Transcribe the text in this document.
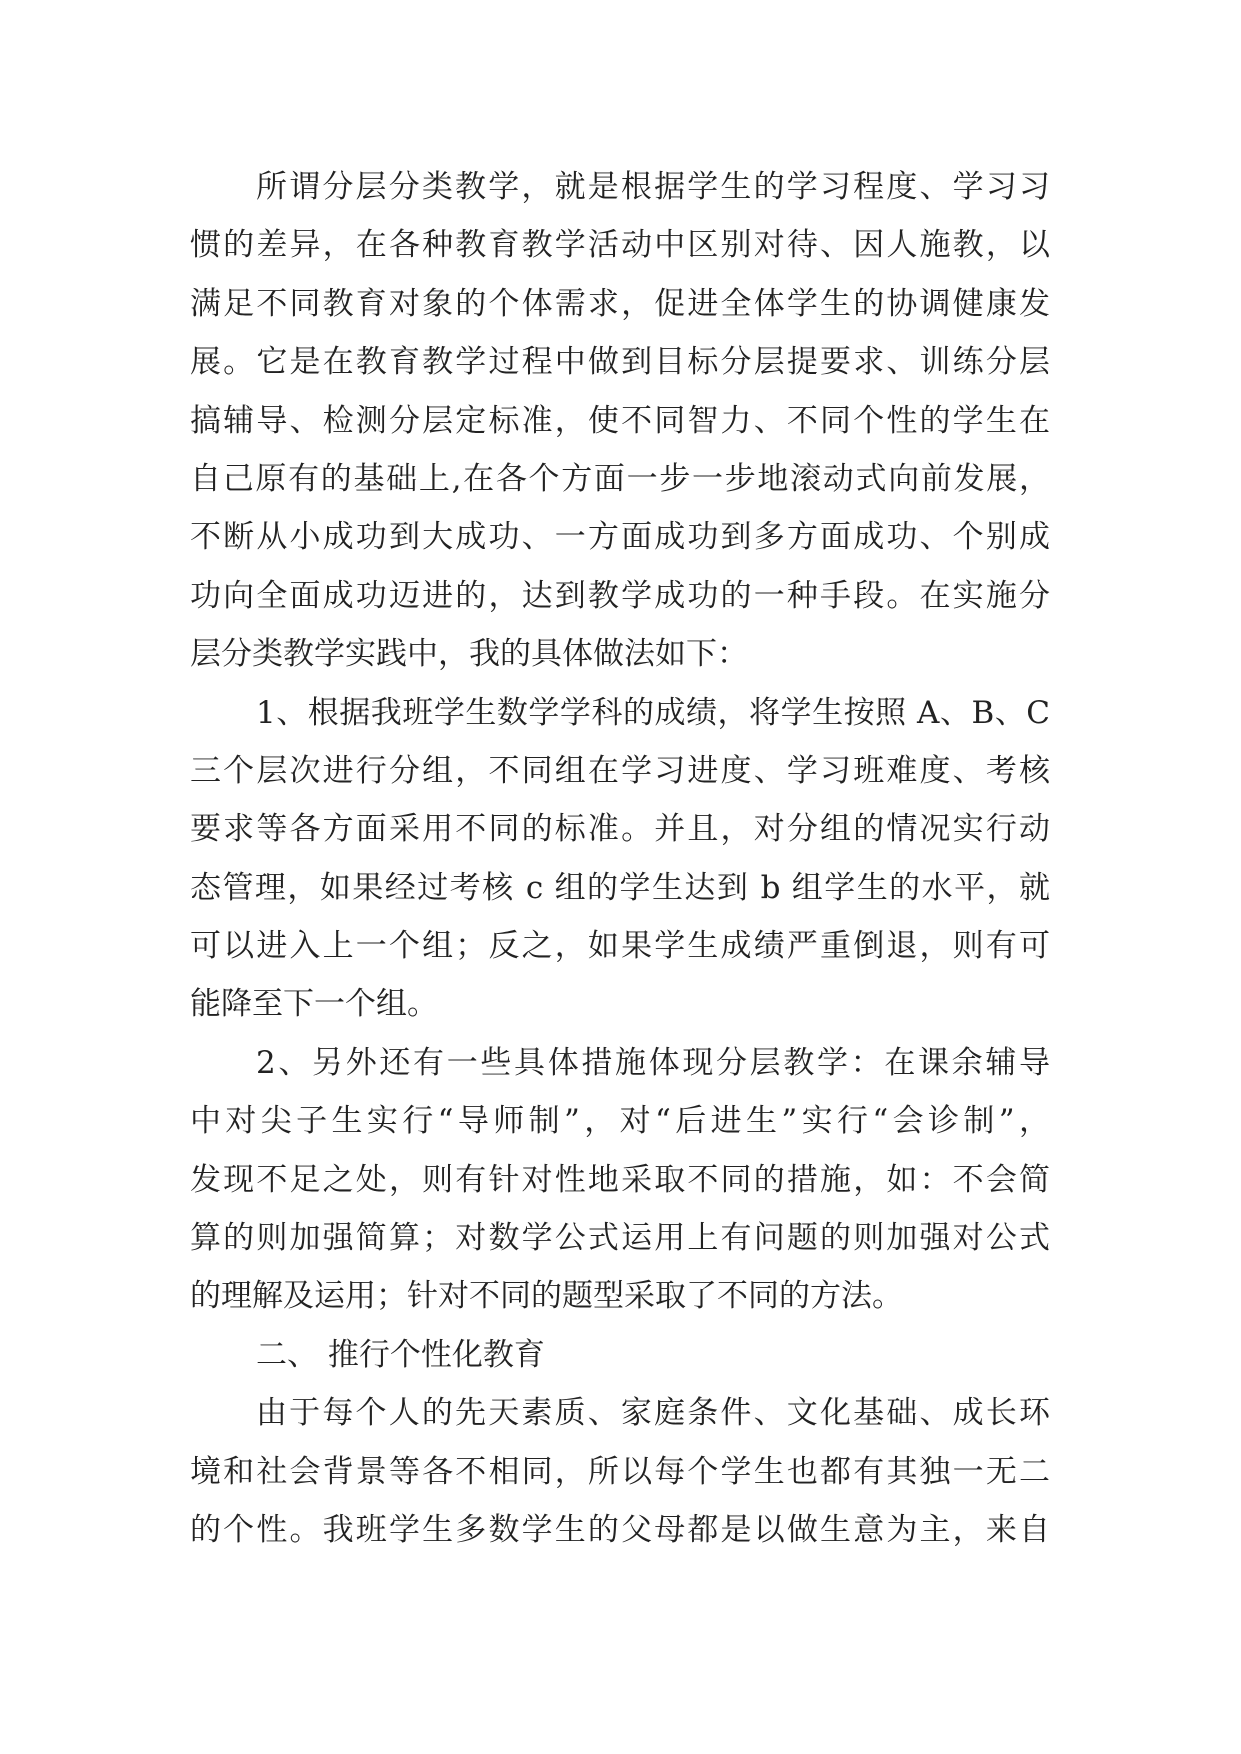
所谓分层分类教学，就是根据学生的学习程度、学习习
惯的差异，在各种教育教学活动中区别对待、因人施教，以
满足不同教育对象的个体需求，促进全体学生的协调健康发
展。它是在教育教学过程中做到目标分层提要求、训练分层
搞辅导、检测分层定标准，使不同智力、不同个性的学生在
自己原有的基础上,在各个方面一步一步地滚动式向前发展，
不断从小成功到大成功、一方面成功到多方面成功、个别成
功向全面成功迈进的，达到教学成功的一种手段。在实施分
层分类教学实践中，我的具体做法如下：
1、根据我班学生数学学科的成绩，将学生按照 A、B、C
三个层次进行分组，不同组在学习进度、学习班难度、考核
要求等各方面采用不同的标准。并且，对分组的情况实行动
态管理，如果经过考核 c 组的学生达到 b 组学生的水平，就
可以进入上一个组；反之，如果学生成绩严重倒退，则有可
能降至下一个组。
2、另外还有一些具体措施体现分层教学：在课余辅导
中对尖子生实行“导师制”，对“后进生”实行“会诊制”，
发现不足之处，则有针对性地采取不同的措施，如：不会简
算的则加强简算；对数学公式运用上有问题的则加强对公式
的理解及运用；针对不同的题型采取了不同的方法。
二、 推行个性化教育
由于每个人的先天素质、家庭条件、文化基础、成长环
境和社会背景等各不相同，所以每个学生也都有其独一无二
的个性。我班学生多数学生的父母都是以做生意为主，来自
